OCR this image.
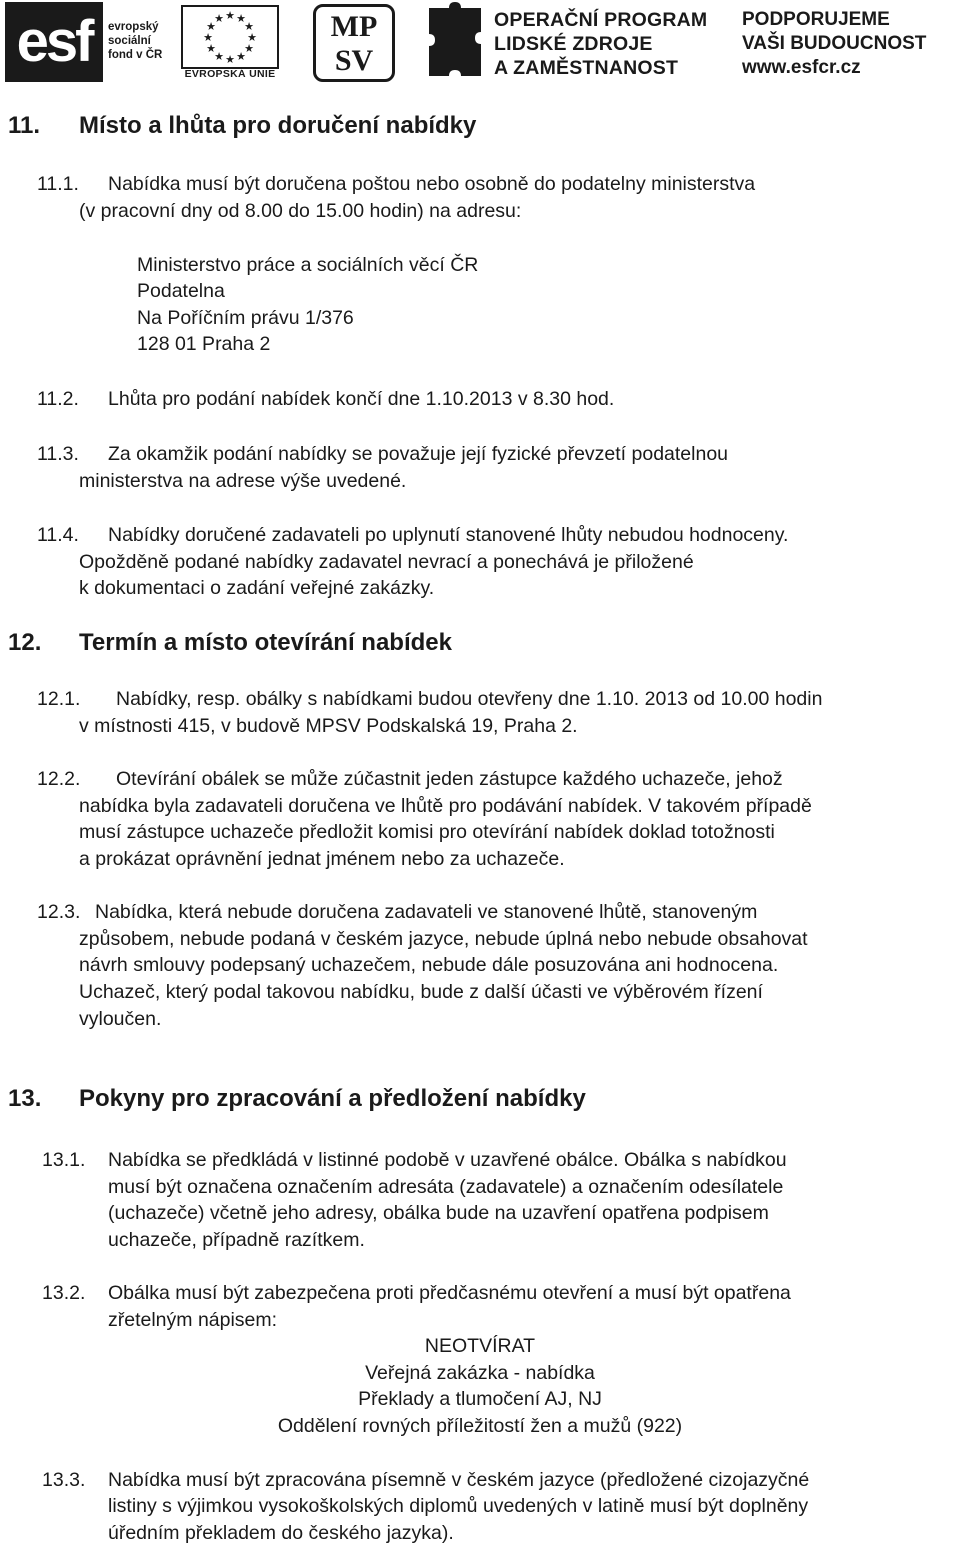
esf	evropský
sociální
fond v ČR
★ ★
★
★
★
★
★
★
★
★
★
★
EVROPSKÁ UNIE
MP
SV
OPERAČNÍ PROGRAM
LIDSKÉ ZDROJE
A ZAMĚSTNANOST
PODPORUJEME
VAŠI BUDOUCNOST
www.esfcr.cz
11. Místo a lhůta pro doručení nabídky
11.1. Nabídka musí být doručena poštou nebo osobně do podatelny ministerstva
(v pracovní dny od 8.00 do 15.00 hodin) na adresu:
Ministerstvo práce a sociálních věcí ČR
Podatelna
Na Poříčním právu 1/376
128 01 Praha 2
11.2. Lhůta pro podání nabídek končí dne 1.10.2013 v 8.30 hod.
11.3. Za okamžik podání nabídky se považuje její fyzické převzetí podatelnou
ministerstva na adrese výše uvedené.
11.4. Nabídky doručené zadavateli po uplynutí stanovené lhůty nebudou hodnoceny.
Opožděně podané nabídky zadavatel nevrací a ponechává je přiložené
k dokumentaci o zadání veřejné zakázky.
12. Termín a místo otevírání nabídek
12.1. Nabídky, resp. obálky s nabídkami budou otevřeny dne 1.10. 2013 od 10.00 hodin
v místnosti 415, v budově MPSV Podskalská 19, Praha 2.
12.2. Otevírání obálek se může zúčastnit jeden zástupce každého uchazeče, jehož
nabídka byla zadavateli doručena ve lhůtě pro podávání nabídek. V takovém případě
musí zástupce uchazeče předložit komisi pro otevírání nabídek doklad totožnosti
a prokázat oprávnění jednat jménem nebo za uchazeče.
12.3. Nabídka, která nebude doručena zadavateli ve stanovené lhůtě, stanoveným
způsobem, nebude podaná v českém jazyce, nebude úplná nebo nebude obsahovat
návrh smlouvy podepsaný uchazečem, nebude dále posuzována ani hodnocena.
Uchazeč, který podal takovou nabídku, bude z další účasti ve výběrovém řízení
vyloučen.
13. Pokyny pro zpracování a předložení nabídky
13.1. Nabídka se předkládá v listinné podobě v uzavřené obálce. Obálka s nabídkou
musí být označena označením adresáta (zadavatele) a označením odesílatele
(uchazeče) včetně jeho adresy, obálka bude na uzavření opatřena podpisem
uchazeče, případně razítkem.
13.2. Obálka musí být zabezpečena proti předčasnému otevření a musí být opatřena
zřetelným nápisem:
NEOTVÍRAT
Veřejná zakázka - nabídka
Překlady a tlumočení AJ, NJ
Oddělení rovných příležitostí žen a mužů (922)
13.3. Nabídka musí být zpracována písemně v českém jazyce (předložené cizojazyčné
listiny s výjimkou vysokoškolských diplomů uvedených v latině musí být doplněny
úředním překladem do českého jazyka).
